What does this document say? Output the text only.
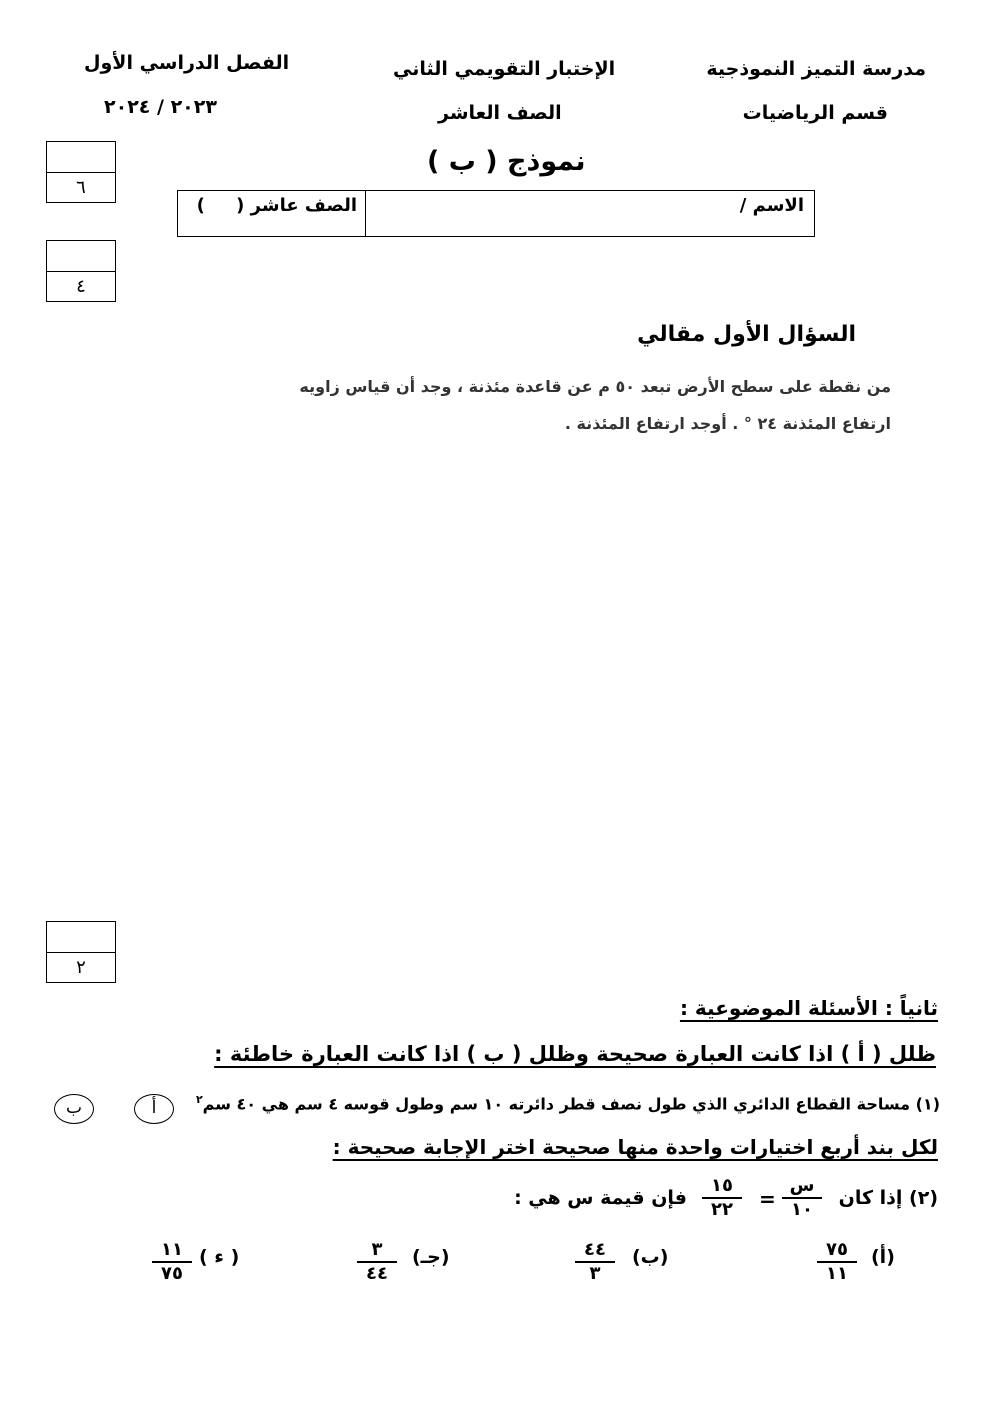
مدرسة التميز النموذجية
قسم الرياضيات
الإختبار التقويمي الثاني
الصف العاشر
الفصل الدراسي الأول
٢٠٢٣ / ٢٠٢٤
نموذج ( ب )
٦
٤
٢
الصف عاشر (     )	الاسم /
السؤال الأول مقالي
من نقطة على سطح الأرض تبعد ٥٠ م عن قاعدة مئذنة ، وجد أن قياس زاويه
ارتفاع المئذنة ٢٤ ° . أوجد ارتفاع المئذنة .
ثانياً : الأسئلة الموضوعية :
ظلل ( أ ) اذا كانت العبارة صحيحة وظلل ( ب ) اذا كانت العبارة خاطئة :
(١) مساحة القطاع الدائري الذي طول نصف قطر دائرته ١٠ سم وطول قوسه ٤ سم هي ٤٠ سم$^٢$
أ
ب
لكل بند أربع اختيارات واحدة منها صحيحة اختر الإجابة صحيحة :
(٢) إذا كان
س
١٠
=
١٥
٢٢
فإن قيمة س هي :
(أ)
٧٥
١١
(ب)
٤٤
٣
(جـ)
٣
٤٤
( ء )
١١
٧٥
